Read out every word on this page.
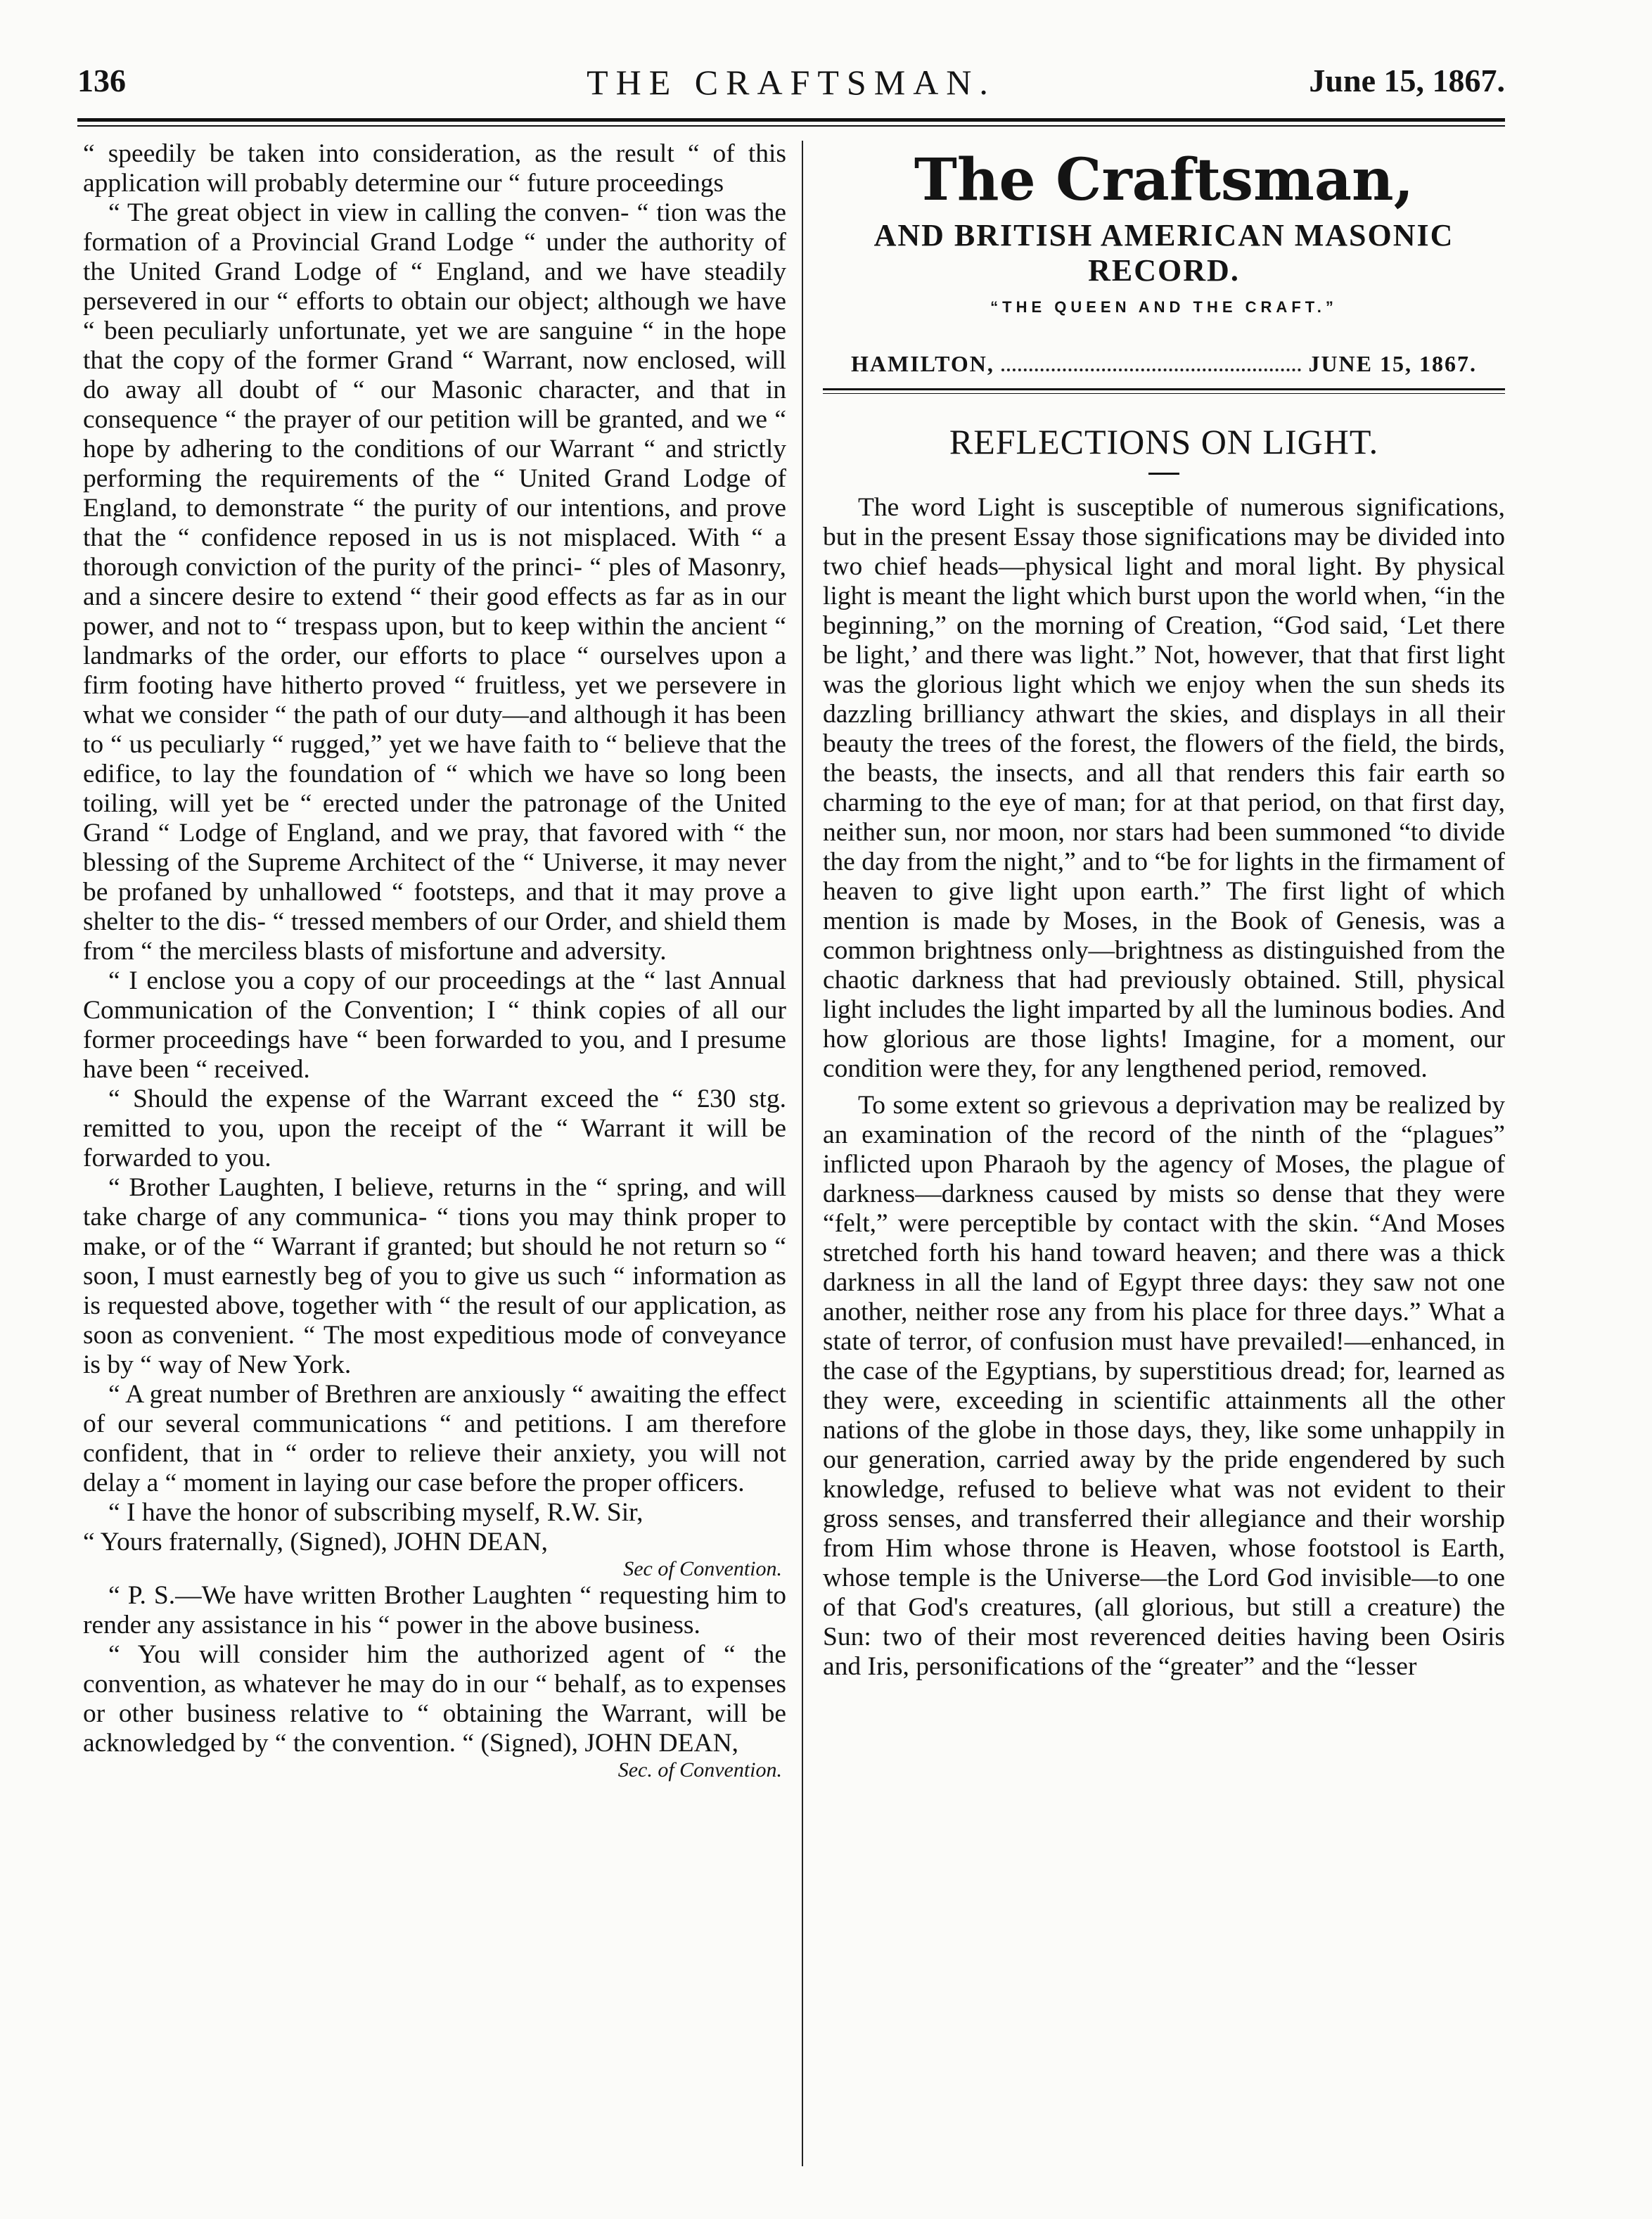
136	THE CRAFTSMAN.	June 15, 1867.

“ speedily be taken into consideration, as the result “ of this application will probably determine our “ future proceedings

“ The great object in view in calling the conven- “ tion was the formation of a Provincial Grand Lodge “ under the authority of the United Grand Lodge of “ England, and we have steadily persevered in our “ efforts to obtain our object; although we have “ been peculiarly unfortunate, yet we are sanguine “ in the hope that the copy of the former Grand “ Warrant, now enclosed, will do away all doubt of “ our Masonic character, and that in consequence “ the prayer of our petition will be granted, and we “ hope by adhering to the conditions of our Warrant “ and strictly performing the requirements of the “ United Grand Lodge of England, to demonstrate “ the purity of our intentions, and prove that the “ confidence reposed in us is not misplaced. With “ a thorough conviction of the purity of the princi- “ ples of Masonry, and a sincere desire to extend “ their good effects as far as in our power, and not to “ trespass upon, but to keep within the ancient “ landmarks of the order, our efforts to place “ ourselves upon a firm footing have hitherto proved “ fruitless, yet we persevere in what we consider “ the path of our duty—and although it has been to “ us peculiarly “ rugged,” yet we have faith to “ believe that the edifice, to lay the foundation of “ which we have so long been toiling, will yet be “ erected under the patronage of the United Grand “ Lodge of England, and we pray, that favored with “ the blessing of the Supreme Architect of the “ Universe, it may never be profaned by unhallowed “ footsteps, and that it may prove a shelter to the dis- “ tressed members of our Order, and shield them from “ the merciless blasts of misfortune and adversity.

“ I enclose you a copy of our proceedings at the “ last Annual Communication of the Convention; I “ think copies of all our former proceedings have “ been forwarded to you, and I presume have been “ received.

“ Should the expense of the Warrant exceed the “ £30 stg. remitted to you, upon the receipt of the “ Warrant it will be forwarded to you.

“ Brother Laughten, I believe, returns in the “ spring, and will take charge of any communica- “ tions you may think proper to make, or of the “ Warrant if granted; but should he not return so “ soon, I must earnestly beg of you to give us such “ information as is requested above, together with “ the result of our application, as soon as convenient. “ The most expeditious mode of conveyance is by “ way of New York.

“ A great number of Brethren are anxiously “ awaiting the effect of our several communications “ and petitions. I am therefore confident, that in “ order to relieve their anxiety, you will not delay a “ moment in laying our case before the proper officers.

“ I have the honor of subscribing myself, R.W. Sir,

“ Yours fraternally, (Signed), JOHN DEAN,

Sec of Convention.

“ P. S.—We have written Brother Laughten “ requesting him to render any assistance in his “ power in the above business.

“ You will consider him the authorized agent of “ the convention, as whatever he may do in our “ behalf, as to expenses or other business relative to “ obtaining the Warrant, will be acknowledged by “ the convention. “ (Signed), JOHN DEAN,

Sec. of Convention.

The Craftsman,
AND BRITISH AMERICAN MASONIC RECORD.
“THE QUEEN AND THE CRAFT.”
HAMILTON,	JUNE 15, 1867.

REFLECTIONS ON LIGHT.

The word Light is susceptible of numerous significations, but in the present Essay those significations may be divided into two chief heads—physical light and moral light. By physical light is meant the light which burst upon the world when, “in the beginning,” on the morning of Creation, “God said, ‘Let there be light,’ and there was light.” Not, however, that that first light was the glorious light which we enjoy when the sun sheds its dazzling brilliancy athwart the skies, and displays in all their beauty the trees of the forest, the flowers of the field, the birds, the beasts, the insects, and all that renders this fair earth so charming to the eye of man; for at that period, on that first day, neither sun, nor moon, nor stars had been summoned “to divide the day from the night,” and to “be for lights in the firmament of heaven to give light upon earth.” The first light of which mention is made by Moses, in the Book of Genesis, was a common brightness only—brightness as distinguished from the chaotic darkness that had previously obtained. Still, physical light includes the light imparted by all the luminous bodies. And how glorious are those lights! Imagine, for a moment, our condition were they, for any lengthened period, removed.

To some extent so grievous a deprivation may be realized by an examination of the record of the ninth of the “plagues” inflicted upon Pharaoh by the agency of Moses, the plague of darkness—darkness caused by mists so dense that they were “felt,” were perceptible by contact with the skin. “And Moses stretched forth his hand toward heaven; and there was a thick darkness in all the land of Egypt three days: they saw not one another, neither rose any from his place for three days.” What a state of terror, of confusion must have prevailed!—enhanced, in the case of the Egyptians, by superstitious dread; for, learned as they were, exceeding in scientific attainments all the other nations of the globe in those days, they, like some unhappily in our generation, carried away by the pride engendered by such knowledge, refused to believe what was not evident to their gross senses, and transferred their allegiance and their worship from Him whose throne is Heaven, whose footstool is Earth, whose temple is the Universe—the Lord God invisible—to one of that God's creatures, (all glorious, but still a creature) the Sun: two of their most reverenced deities having been Osiris and Iris, personifications of the “greater” and the “lesser
